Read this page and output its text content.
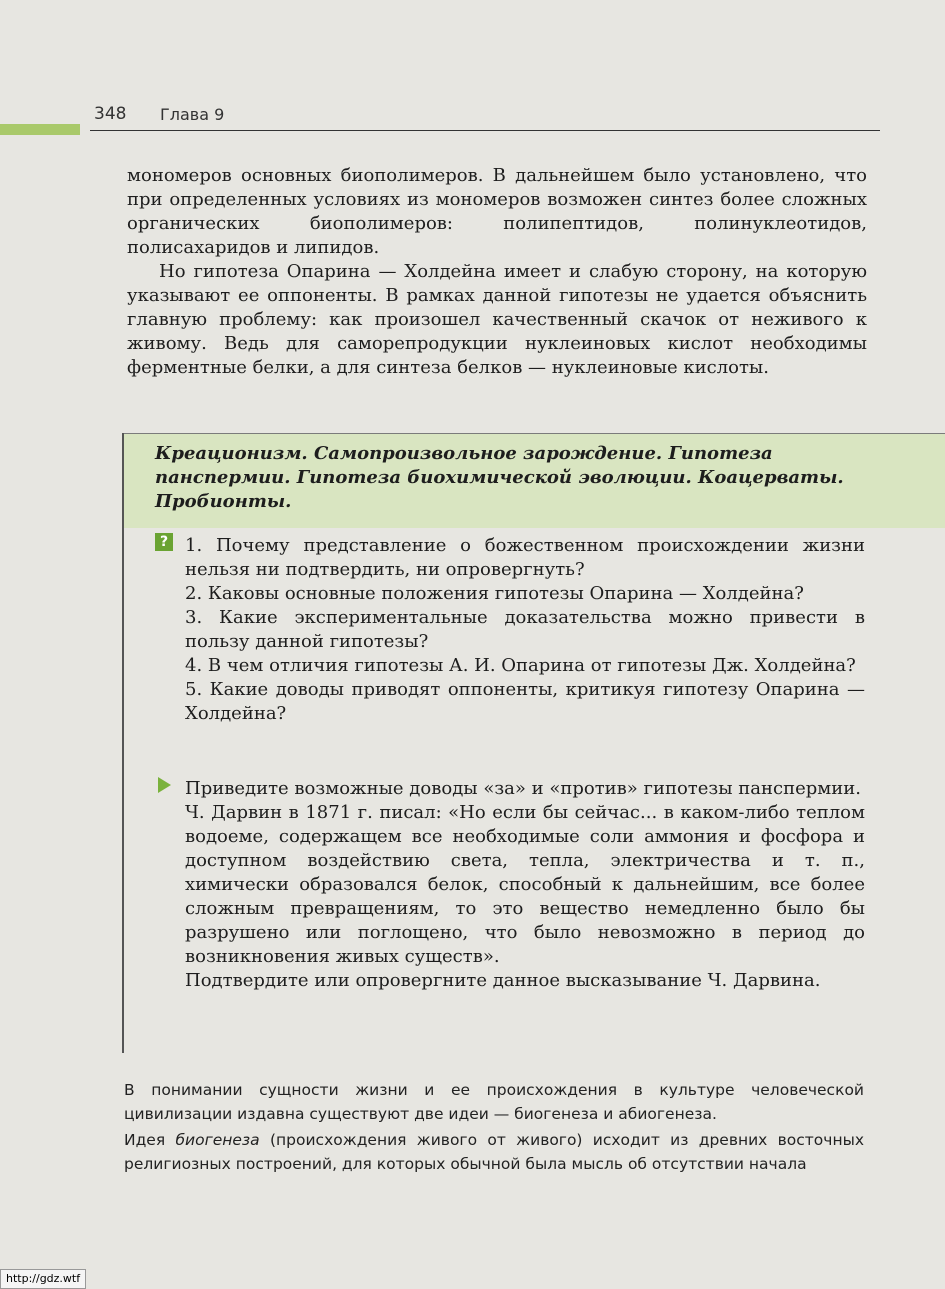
348 Глава 9
мономеров основных биополимеров. В дальнейшем было установлено, что при определенных условиях из мономеров возможен синтез более сложных органических биополимеров: полипептидов, полинуклеотидов, полисахаридов и липидов.
Но гипотеза Опарина — Холдейна имеет и слабую сторону, на которую указывают ее оппоненты. В рамках данной гипотезы не удается объяснить главную проблему: как произошел качественный скачок от неживого к живому. Ведь для саморепродукции нуклеиновых кислот необходимы ферментные белки, а для синтеза белков — нуклеиновые кислоты.
Креационизм. Самопроизвольное зарождение. Гипотеза панспермии. Гипотеза биохимической эволюции. Коацерваты. Пробионты.
? 1. Почему представление о божественном происхождении жизни нельзя ни подтвердить, ни опровергнуть?
2. Каковы основные положения гипотезы Опарина — Холдейна?
3. Какие экспериментальные доказательства можно привести в пользу данной гипотезы?
4. В чем отличия гипотезы А. И. Опарина от гипотезы Дж. Холдейна?
5. Какие доводы приводят оппоненты, критикуя гипотезу Опарина — Холдейна?
Приведите возможные доводы «за» и «против» гипотезы панспермии.
Ч. Дарвин в 1871 г. писал: «Но если бы сейчас... в каком-либо теплом водоеме, содержащем все необходимые соли аммония и фосфора и доступном воздействию света, тепла, электричества и т. п., химически образовался белок, способный к дальнейшим, все более сложным превращениям, то это вещество немедленно было бы разрушено или поглощено, что было невозможно в период до возникновения живых существ».
Подтвердите или опровергните данное высказывание Ч. Дарвина.
В понимании сущности жизни и ее происхождения в культуре человеческой цивилизации издавна существуют две идеи — биогенеза и абиогенеза.
Идея биогенеза (происхождения живого от живого) исходит из древних восточных религиозных построений, для которых обычной была мысль об отсутствии начала
http://gdz.wtf
